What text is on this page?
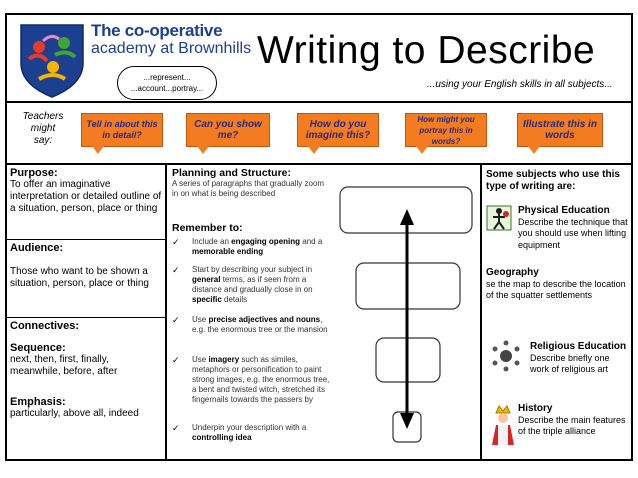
The co-operative
academy at Brownhills
...represent...
...account...portray...
Writing to Describe
...using your English skills in all subjects...
Teachers might say:
Tell in about this in detail?
Can you show me?
How do you imagine this?
How might you portray this in words?
Illustrate this in words
Purpose:
To offer an imaginative interpretation or detailed outline of a situation, person, place or thing
Audience:
Those who want to be shown a situation, person, place or thing
Connectives:
Sequence:
next, then, first, finally, meanwhile, before, after
Emphasis:
particularly, above all, indeed
Planning and Structure:
A series of paragraphs that gradually zoom in on what is being described
Remember to:
✓ Include an engaging opening and a memorable ending
✓ Start by describing your subject in general terms, as if seen from a distance and gradually close in on specific details
✓ Use precise adjectives and nouns, e.g. the enormous tree or the mansion
✓ Use imagery such as similes, metaphors or personification to paint strong images, e.g. the enormous tree, a bent and twisted witch, stretched its fingernails towards the passers by
✓ Underpin your description with a controlling idea
Some subjects who use this type of writing are:
Physical Education
Describe the technique that you should use when lifting equipment
Geography
se the map to describe the location of the squatter settlements
Religious Education
Describe briefly one work of religious art
History
Describe the main features of the triple alliance
